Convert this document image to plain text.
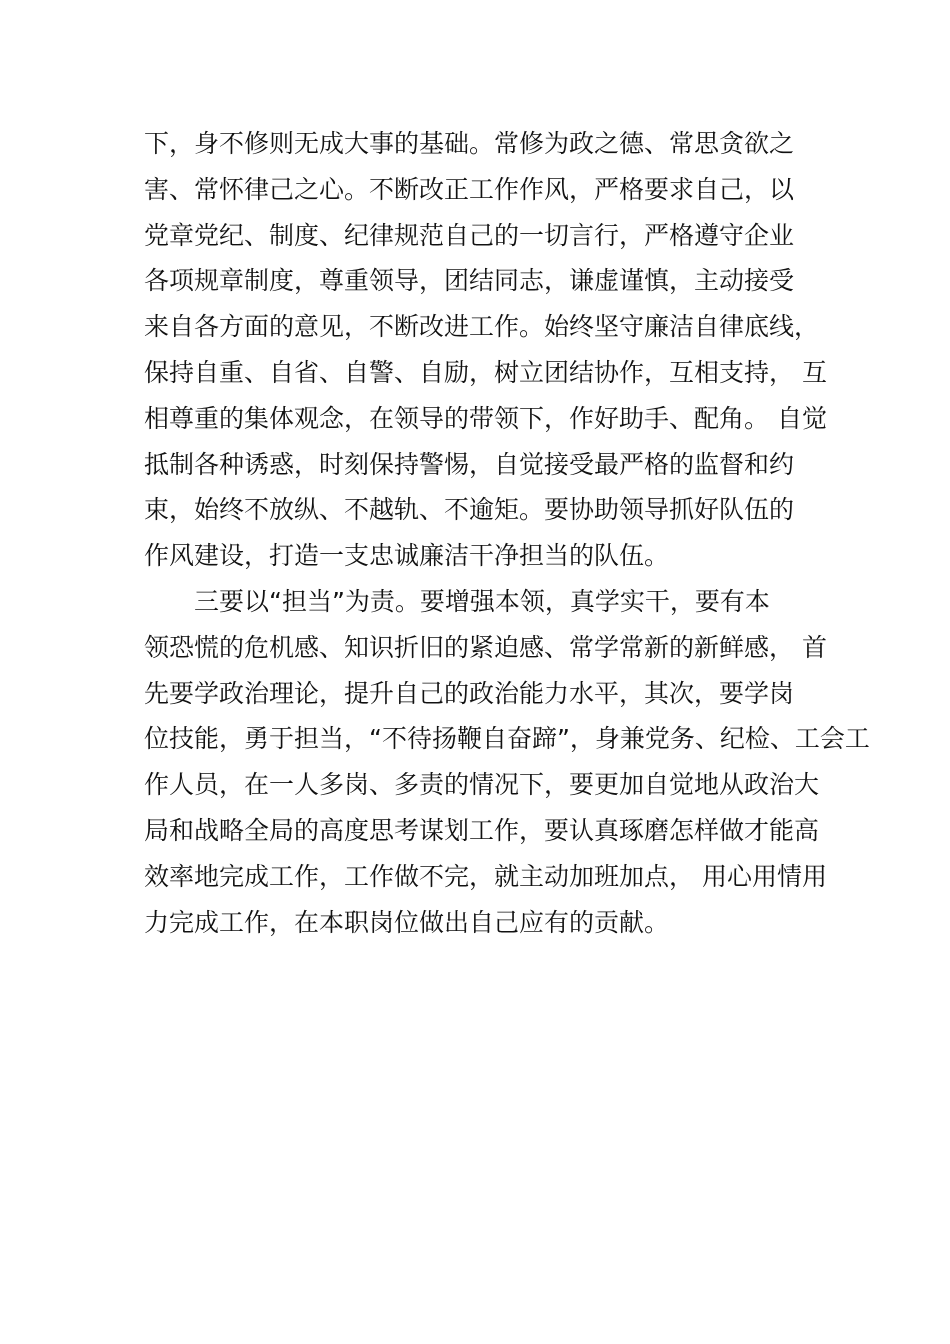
下，身不修则无成大事的基础。常修为政之德、常思贪欲之
害、常怀律己之心。不断改正工作作风，严格要求自己，以
党章党纪、制度、纪律规范自己的一切言行，严格遵守企业
各项规章制度，尊重领导，团结同志，谦虚谨慎，主动接受
来自各方面的意见，不断改进工作。始终坚守廉洁自律底线，
保持自重、自省、自警、自励，树立团结协作，互相支持， 互
相尊重的集体观念，在领导的带领下，作好助手、配角。 自觉
抵制各种诱惑，时刻保持警惕，自觉接受最严格的监督和约
束，始终不放纵、不越轨、不逾矩。要协助领导抓好队伍的
作风建设，打造一支忠诚廉洁干净担当的队伍。
　　三要以“担当”为责。要增强本领，真学实干，要有本
领恐慌的危机感、知识折旧的紧迫感、常学常新的新鲜感， 首
先要学政治理论，提升自己的政治能力水平，其次，要学岗
位技能，勇于担当，“不待扬鞭自奋蹄”，身兼党务、纪检、工会工
作人员，在一人多岗、多责的情况下，要更加自觉地从政治大
局和战略全局的高度思考谋划工作，要认真琢磨怎样做才能高
效率地完成工作，工作做不完，就主动加班加点， 用心用情用
力完成工作，在本职岗位做出自己应有的贡献。
